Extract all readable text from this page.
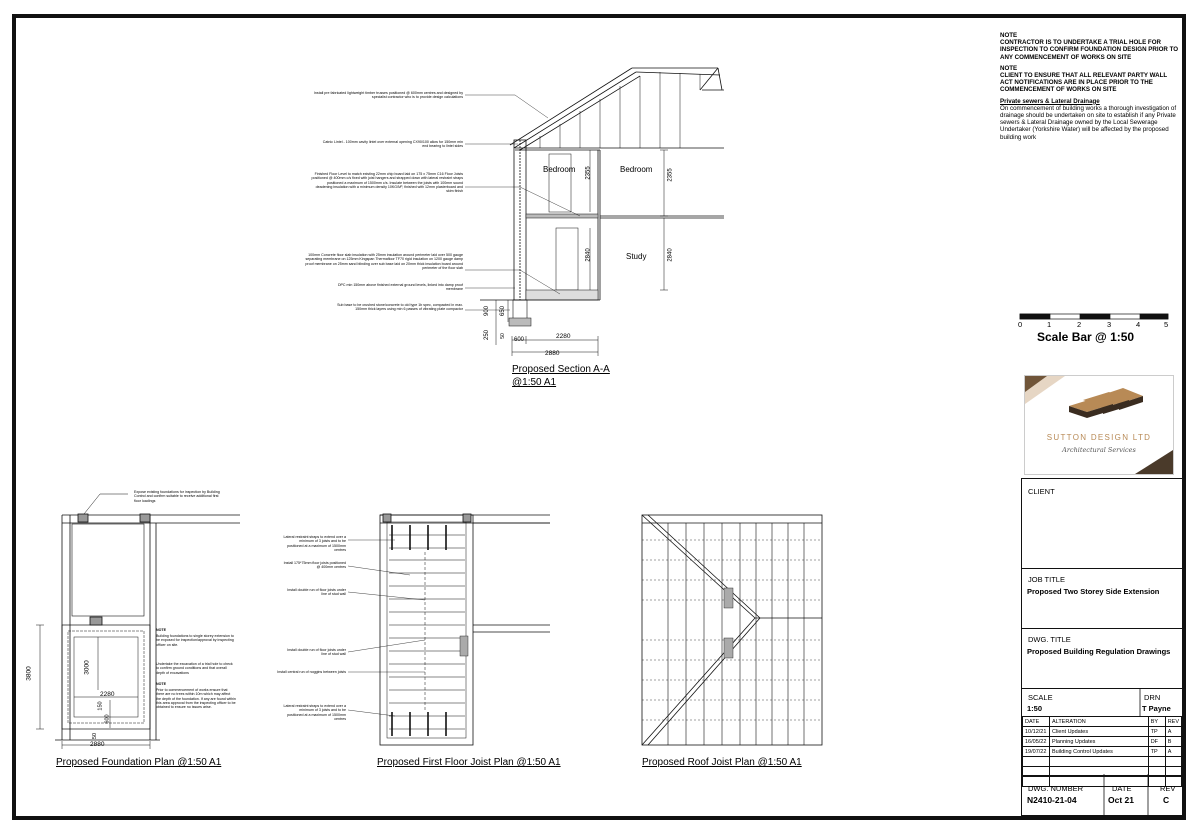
Bedroom	Bedroom
Study
2355	2355
2840	2840
900 650
250	600	2280
2880
50
Proposed Section A-A
@1:50 A1
Install pre fabricated lightweight timber trusses positioned @ 600mm centres and designed by specialist contractor who is to provide design calculations
Catnic Lintel - 100mm cavity lintel over external opening CX90/100 allow for 150mm min end bearing to lintel sides
Finished Floor Level to match existing 22mm chip board laid on 175 x 75mm C16 Floor Joists positioned @ 400mm c/s fixed with joist hangers and strapped down with lateral restraint straps positioned a maximum of 1500mm c/s. Insulate between the joists with 100mm sound deadening insulation with a minimum density 10KG/M³, finished with 12mm plasterboard and skim finish
100mm Concrete floor slab insulation with 25mm insulation around perimeter laid over 500 gauge separating membrane on 125mm Kingspan Thermafloor TF70 rigid insulation on 1200 gauge damp proof membrane on 25mm sand blinding over sub base laid on 20mm thick insulation board around perimeter of the floor slab
DPC min 150mm above finished external ground levels, linked into damp proof membrane
Sub base to be crushed stone/concrete to old type 1b spec, compacted in max. 150mm thick layers using min 6 passes of vibrating plate compactor
Expose existing foundations for inspection by Building Control and confirm suitable to receive additional first floor loadings
NOTE
Building foundations to single storey extension to be exposed for inspection/approval by inspecting officer on site.
Undertake the excavation of a trial hole to check to confirm ground conditions and that overall depth of excavations
NOTE
Prior to commencement of works ensure that there are no trees within 10m which may affect the depth of the foundation. If any are found within this area approval from the inspecting officer to be obtained to ensure no issues arise.
3800	3000
2280
2880
150
600
50
Proposed Foundation Plan @1:50 A1
Lateral restraint straps to extend over a minimum of 3 joists and to be positioned at a maximum of 1500mm centres
Install 175*75mm floor joists positioned @ 400mm centres
Install double run of floor joists under line of stud wall
Install double run of floor joists under line of stud wall
Install central run of noggins between joists
Lateral restraint straps to extend over a minimum of 3 joists and to be positioned at a maximum of 1500mm centres
Proposed First Floor Joist Plan @1:50 A1	Proposed Roof Joist Plan @1:50 A1

NOTE
CONTRACTOR IS TO UNDERTAKE A TRIAL HOLE FOR INSPECTION TO CONFIRM FOUNDATION DESIGN PRIOR TO ANY COMMENCEMENT OF WORKS ON SITE

NOTE
CLIENT TO ENSURE THAT ALL RELEVANT PARTY WALL ACT NOTIFICATIONS ARE IN PLACE PRIOR TO THE COMMENCEMENT OF WORKS ON SITE

Private sewers & Lateral Drainage
On commencement of building works a thorough investigation of drainage should be undertaken on site to establish if any Private sewers & Lateral Drainage owned by the Local Sewerage Undertaker (Yorkshire Water) will be affected by the proposed building work

0	1	2	3	4	5
Scale Bar @ 1:50
SUTTON DESIGN LTD
Architectural Services
CLIENT
JOB TITLE
Proposed Two Storey Side Extension
DWG. TITLE
Proposed Building Regulation Drawings
SCALE
1:50
DRN
T Payne
DATE	ALTERATION	BY	REV
10/12/21	Client Updates	TP	A
16/05/22	Planning Updates	DF	B
19/07/22	Building Control Updates	TP	A

DWG. NUMBER
N2410-21-04
DATE
Oct 21
REV
C
